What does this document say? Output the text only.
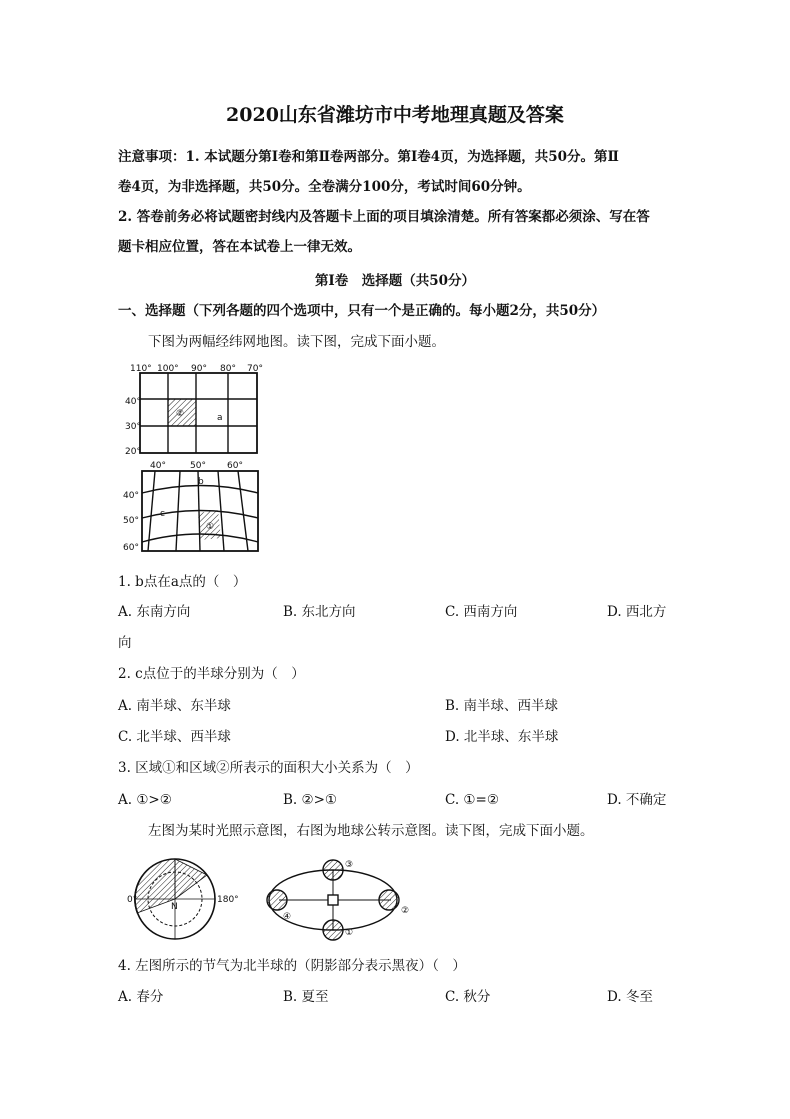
2020山东省潍坊市中考地理真题及答案
注意事项：1. 本试题分第Ⅰ卷和第Ⅱ卷两部分。第Ⅰ卷4页，为选择题，共50分。第Ⅱ
卷4页，为非选择题，共50分。全卷满分100分，考试时间60分钟。
2. 答卷前务必将试题密封线内及答题卡上面的项目填涂清楚。所有答案都必须涂、写在答
题卡相应位置，答在本试卷上一律无效。
第Ⅰ卷　选择题（共50分）
一、选择题（下列各题的四个选项中，只有一个是正确的。每小题2分，共50分）
下图为两幅经纬网地图。读下图，完成下面小题。
110° 100° 90° 80° 70°
40°
30°
20°
②	a
40°	50° 60°
40°
50°
60°
b
c
①
1. b点在a点的（　）
A. 东南方向	B. 东北方向	C. 西南方向	D. 西北方
向
2. c点位于的半球分别为（　）
A. 南半球、东半球	B. 南半球、西半球
C. 北半球、西半球	D. 北半球、东半球
3. 区域①和区域②所表示的面积大小关系为（　）
A. ①>②	B. ②>①	C. ①=②	D. 不确定
左图为某时光照示意图，右图为地球公转示意图。读下图，完成下面小题。
0°	180°
N
①
②
③
④
4. 左图所示的节气为北半球的（阴影部分表示黑夜）（　）
A. 春分	B. 夏至	C. 秋分	D. 冬至
